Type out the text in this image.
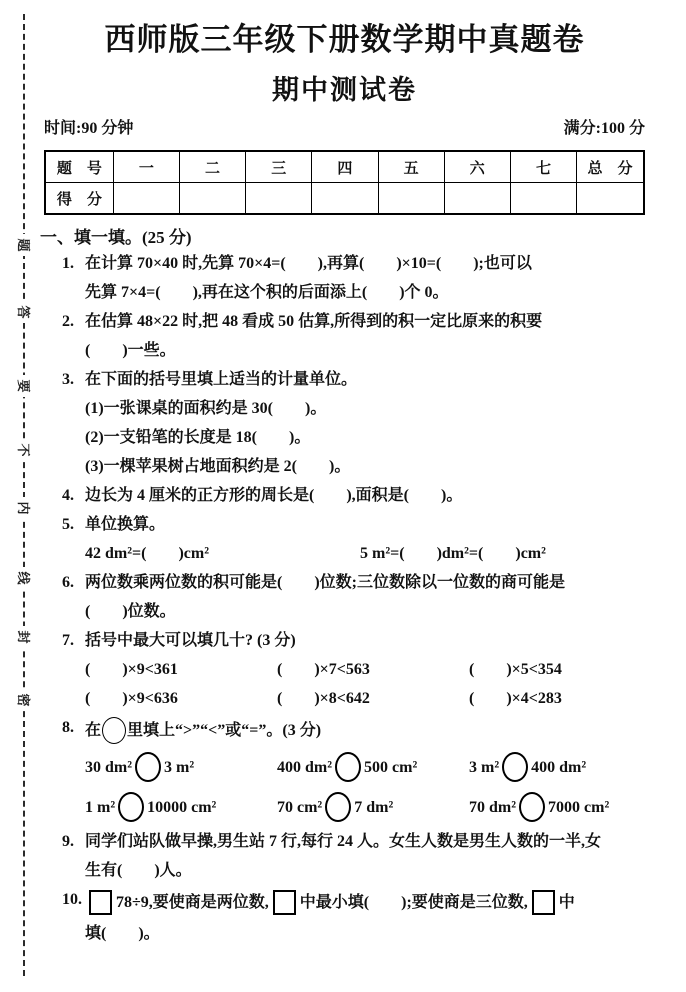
题
答
要
不
内
线
封
密
西师版三年级下册数学期中真题卷
期中测试卷
时间:90 分钟	满分:100 分
题　号	一	二	三	四	五	六	七	总　分
得　分								
一、填一填。(25 分)
1. 在计算 70×40 时,先算 70×4=(　　),再算(　　)×10=(　　);也可以
先算 7×4=(　　),再在这个积的后面添上(　　)个 0。
2. 在估算 48×22 时,把 48 看成 50 估算,所得到的积一定比原来的积要
(　　)一些。
3. 在下面的括号里填上适当的计量单位。
(1)一张课桌的面积约是 30(　　)。
(2)一支铅笔的长度是 18(　　)。
(3)一棵苹果树占地面积约是 2(　　)。
4. 边长为 4 厘米的正方形的周长是(　　),面积是(　　)。
5. 单位换算。
42 dm²=(　　)cm²	5 m²=(　　)dm²=(　　)cm²
6. 两位数乘两位数的积可能是(　　)位数;三位数除以一位数的商可能是
(　　)位数。
7. 括号中最大可以填几十? (3 分)
(　　)×9<361	(　　)×7<563	(　　)×5<354
(　　)×9<636	(　　)×8<642	(　　)×4<283
8. 在 里填上“>”“<”或“=”。(3 分)
30 dm² 3 m²	400 dm² 500 cm²	3 m² 400 dm²
1 m² 10000 cm²	70 cm² 7 dm²	70 dm² 7000 cm²
9. 同学们站队做早操,男生站 7 行,每行 24 人。女生人数是男生人数的一半,女
生有(　　)人。
10. 78÷9,要使商是两位数, 中最小填(　　);要使商是三位数, 中
填(　　)。
